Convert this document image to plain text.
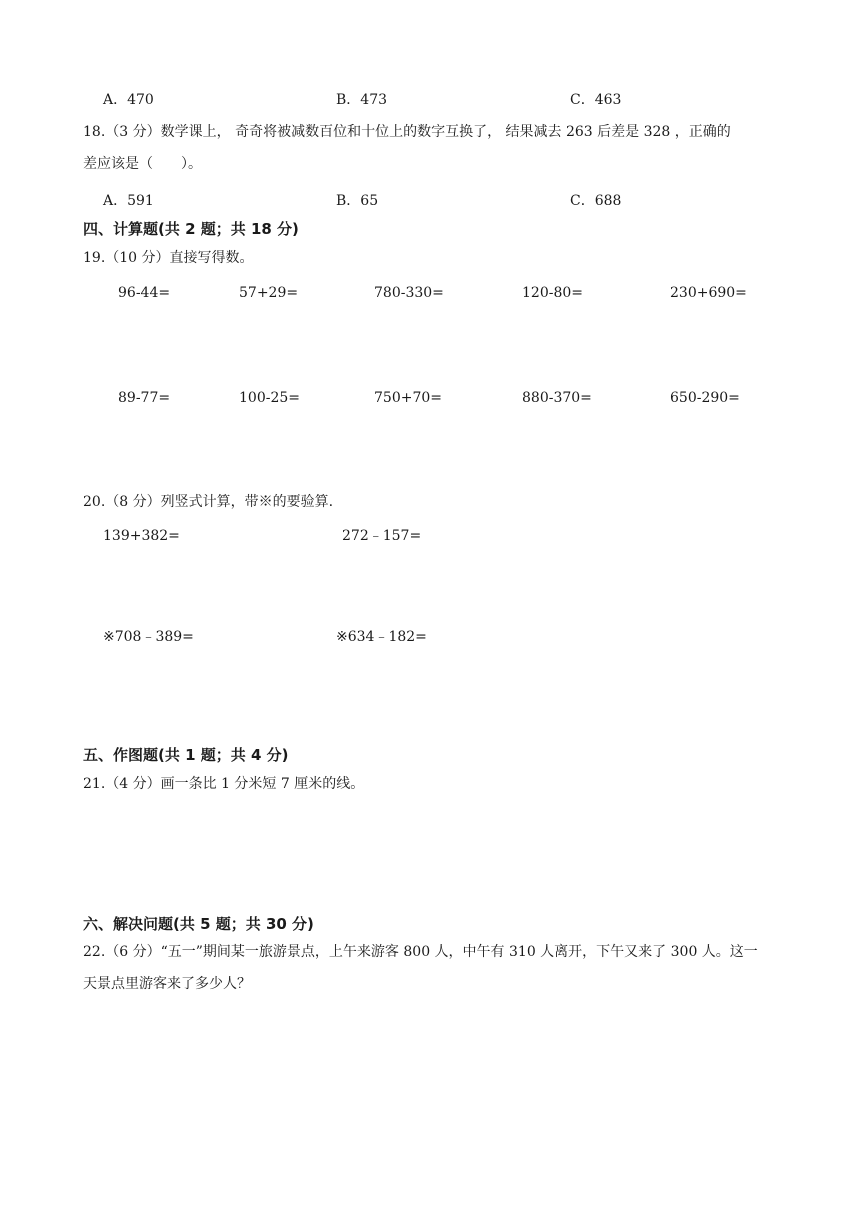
A．470	B．473	C．463
18.（3 分）数学课上， 奇奇将被减数百位和十位上的数字互换了， 结果减去 263 后差是 328 ，正确的
差应该是（　　）。
A．591	B．65	C．688
四、计算题(共 2 题；共 18 分)
19.（10 分）直接写得数。
96-44=	57+29=	780-330=	120-80=	230+690=
89-77=	100-25=	750+70=	880-370=	650-290=
20.（8 分）列竖式计算，带※的要验算.
139+382=	272﹣157=
※708﹣389=	※634﹣182=
五、作图题(共 1 题；共 4 分)
21.（4 分）画一条比 1 分米短 7 厘米的线。
六、解决问题(共 5 题；共 30 分)
22.（6 分）“五一”期间某一旅游景点，上午来游客 800 人，中午有 310 人离开，下午又来了 300 人。这一
天景点里游客来了多少人？
